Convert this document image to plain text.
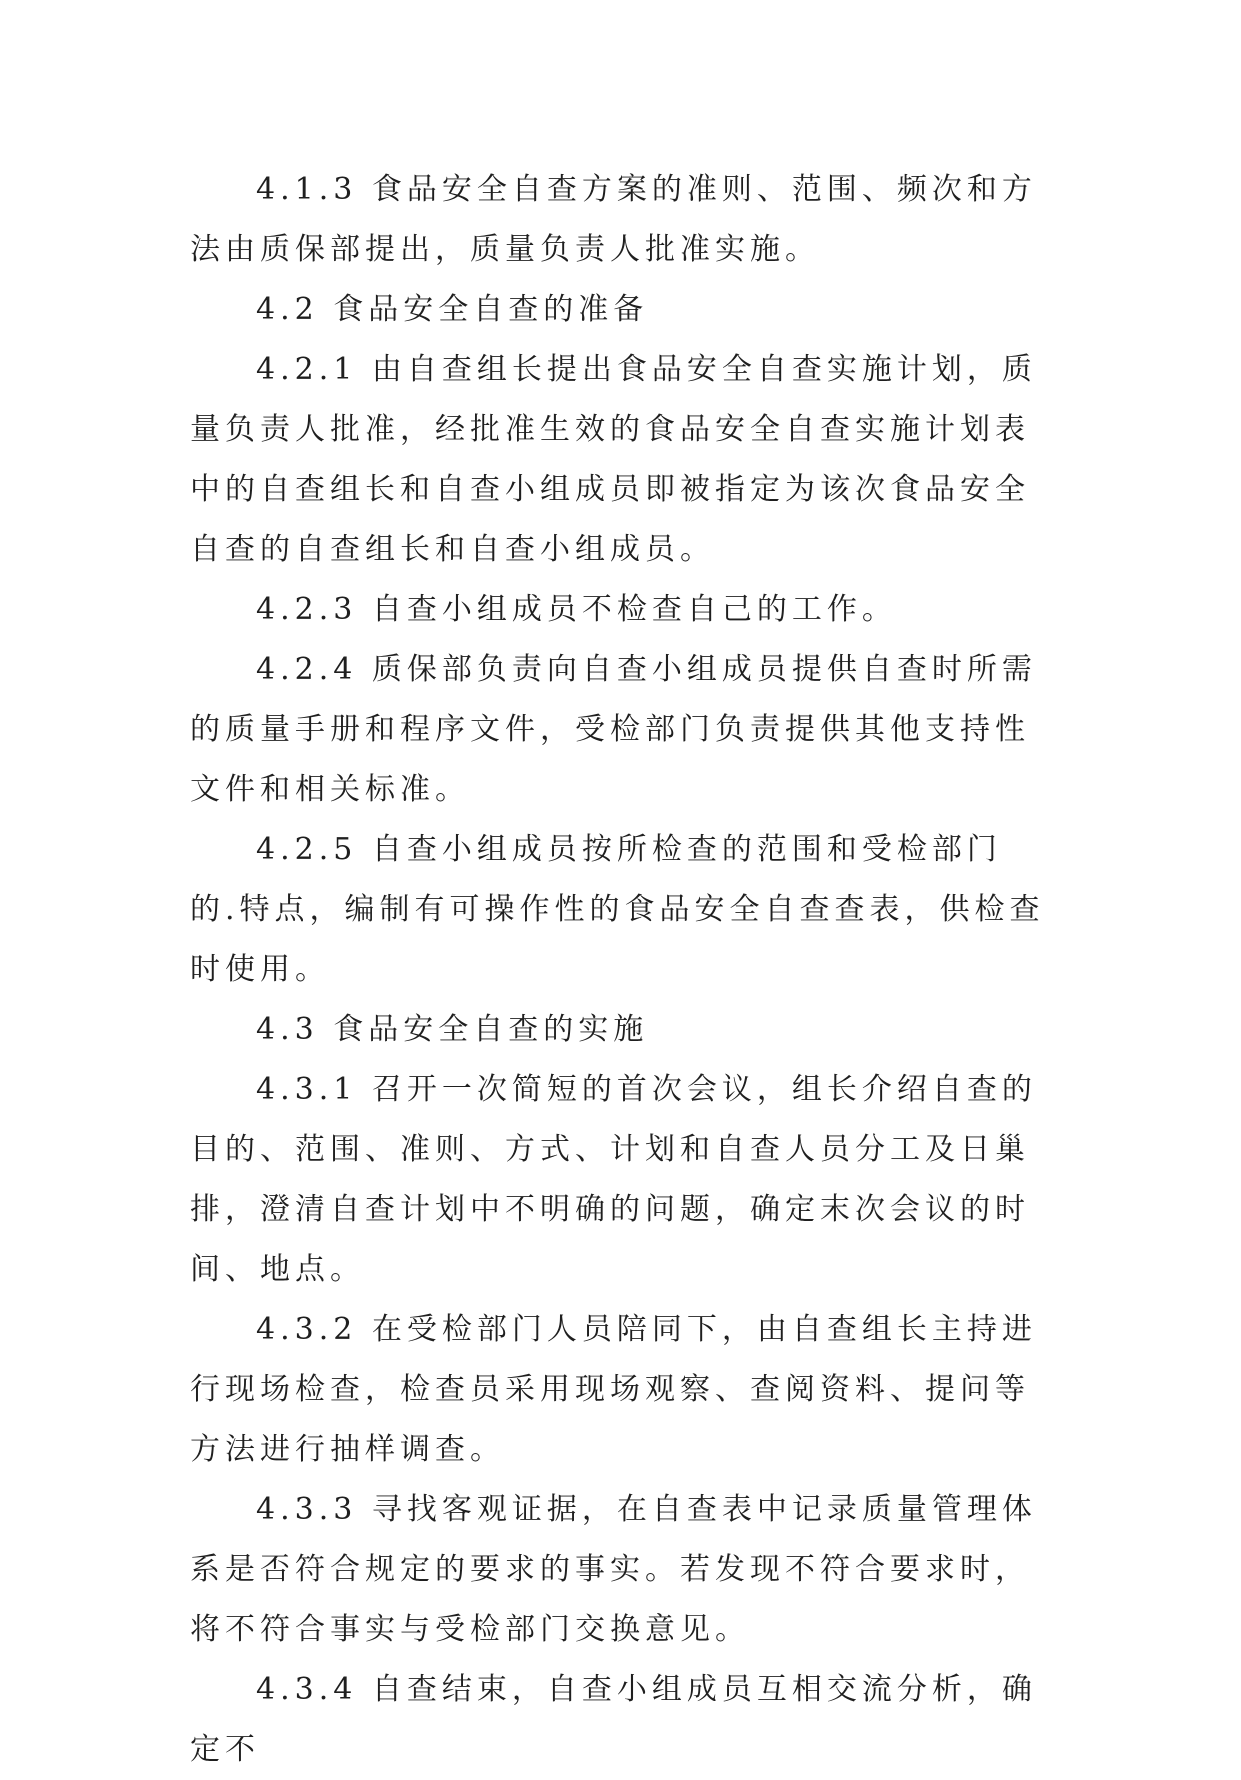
4.1.3 食品安全自查方案的准则、范围、频次和方法由质保部提出，质量负责人批准实施。

4.2 食品安全自查的准备

4.2.1 由自查组长提出食品安全自查实施计划，质量负责人批准，经批准生效的食品安全自查实施计划表中的自查组长和自查小组成员即被指定为该次食品安全自查的自查组长和自查小组成员。

4.2.3 自查小组成员不检查自己的工作。

4.2.4 质保部负责向自查小组成员提供自查时所需的质量手册和程序文件，受检部门负责提供其他支持性文件和相关标准。

4.2.5 自查小组成员按所检查的范围和受检部门的.特点，编制有可操作性的食品安全自查查表，供检查时使用。

4.3 食品安全自查的实施

4.3.1 召开一次简短的首次会议，组长介绍自查的目的、范围、准则、方式、计划和自查人员分工及日巢排，澄清自查计划中不明确的问题，确定末次会议的时间、地点。

4.3.2 在受检部门人员陪同下，由自查组长主持进行现场检查，检查员采用现场观察、查阅资料、提问等方法进行抽样调查。

4.3.3 寻找客观证据，在自查表中记录质量管理体系是否符合规定的要求的事实。若发现不符合要求时，将不符合事实与受检部门交换意见。

4.3.4 自查结束，自查小组成员互相交流分析，确定不
